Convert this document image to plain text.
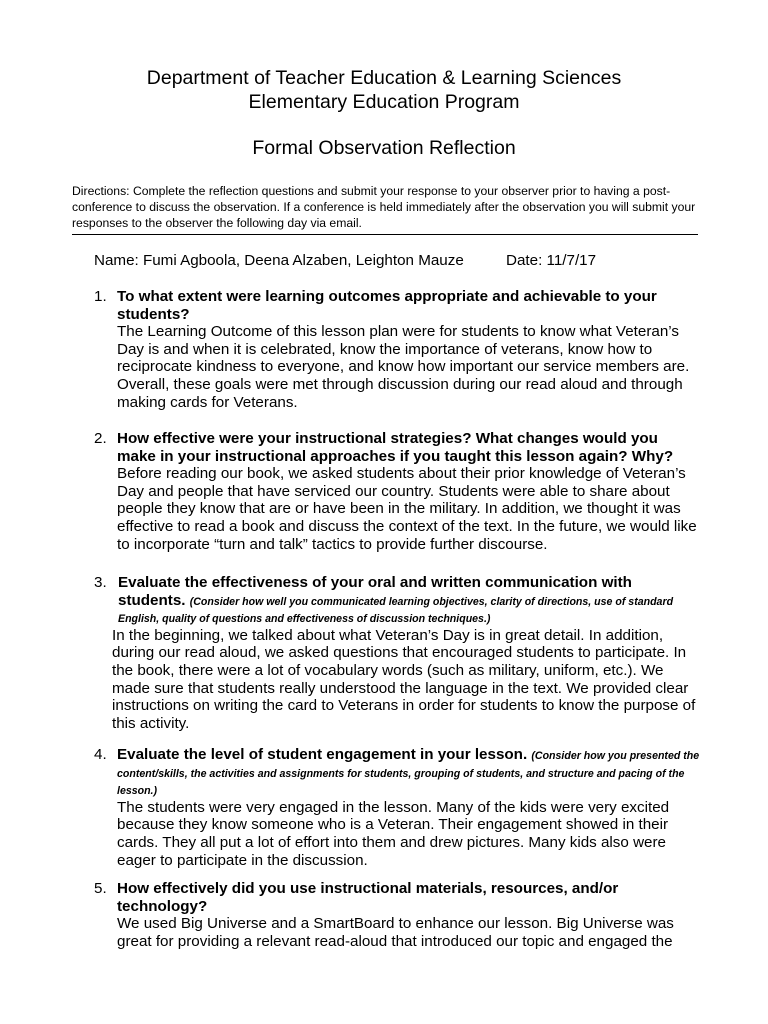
Department of Teacher Education & Learning Sciences
Elementary Education Program
Formal Observation Reflection
Directions: Complete the reflection questions and submit your response to your observer prior to having a post-conference to discuss the observation. If a conference is held immediately after the observation you will submit your responses to the observer the following day via email.
Name: Fumi Agboola, Deena Alzaben, Leighton Mauze	Date: 11/7/17
1. To what extent were learning outcomes appropriate and achievable to your students?
The Learning Outcome of this lesson plan were for students to know what Veteran’s Day is and when it is celebrated, know the importance of veterans, know how to reciprocate kindness to everyone, and know how important our service members are. Overall, these goals were met through discussion during our read aloud and through making cards for Veterans.
2. How effective were your instructional strategies? What changes would you make in your instructional approaches if you taught this lesson again? Why?
Before reading our book, we asked students about their prior knowledge of Veteran’s Day and people that have serviced our country. Students were able to share about people they know that are or have been in the military. In addition, we thought it was effective to read a book and discuss the context of the text. In the future, we would like to incorporate “turn and talk” tactics to provide further discourse.
3. Evaluate the effectiveness of your oral and written communication with students. (Consider how well you communicated learning objectives, clarity of directions, use of standard English, quality of questions and effectiveness of discussion techniques.)
In the beginning, we talked about what Veteran’s Day is in great detail. In addition, during our read aloud, we asked questions that encouraged students to participate. In the book, there were a lot of vocabulary words (such as military, uniform, etc.). We made sure that students really understood the language in the text. We provided clear instructions on writing the card to Veterans in order for students to know the purpose of this activity.
4. Evaluate the level of student engagement in your lesson. (Consider how you presented the content/skills, the activities and assignments for students, grouping of students, and structure and pacing of the lesson.)
The students were very engaged in the lesson. Many of the kids were very excited because they know someone who is a Veteran. Their engagement showed in their cards. They all put a lot of effort into them and drew pictures. Many kids also were eager to participate in the discussion.
5. How effectively did you use instructional materials, resources, and/or technology?
We used Big Universe and a SmartBoard to enhance our lesson. Big Universe was great for providing a relevant read-aloud that introduced our topic and engaged the
